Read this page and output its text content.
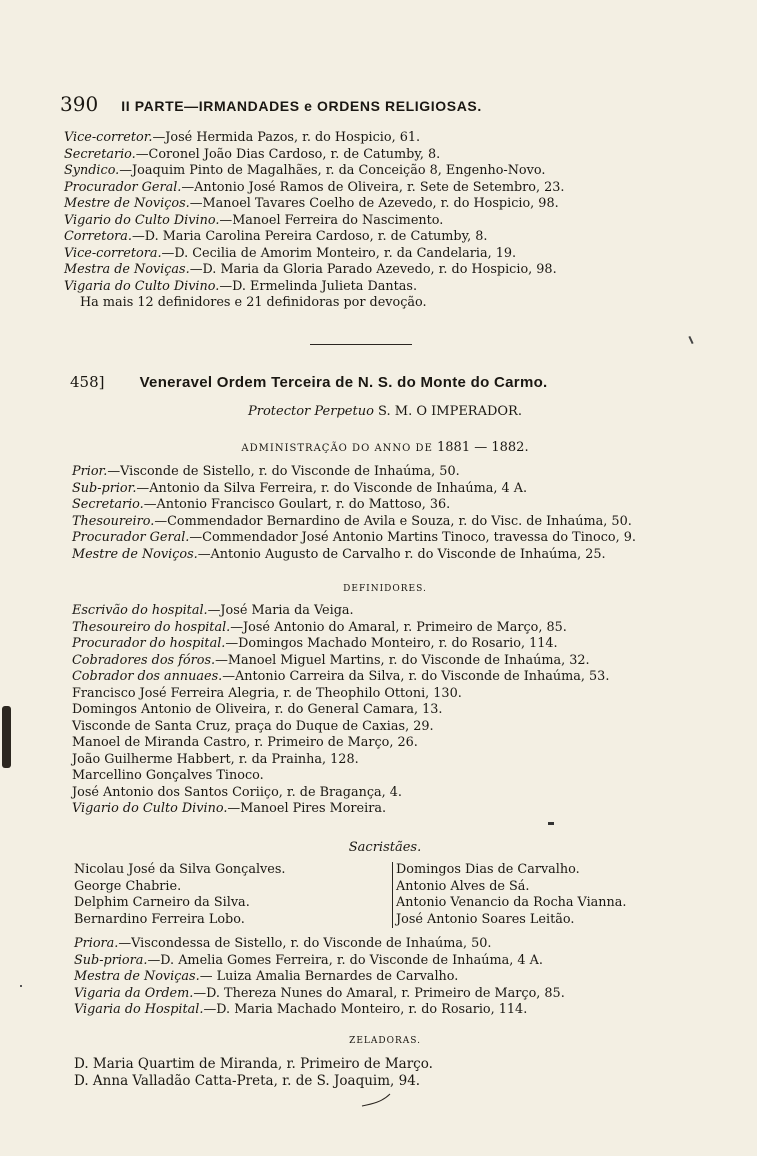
390 II PARTE—IRMANDADES e ORDENS RELIGIOSAS.
Vice-corretor.—José Hermida Pazos, r. do Hospicio, 61.
Secretario.—Coronel João Dias Cardoso, r. de Catumby, 8.
Syndico.—Joaquim Pinto de Magalhães, r. da Conceição 8, Engenho-Novo.
Procurador Geral.—Antonio José Ramos de Oliveira, r. Sete de Setembro, 23.
Mestre de Noviços.—Manoel Tavares Coelho de Azevedo, r. do Hospicio, 98.
Vigario do Culto Divino.—Manoel Ferreira do Nascimento.
Corretora.—D. Maria Carolina Pereira Cardoso, r. de Catumby, 8.
Vice-corretora.—D. Cecilia de Amorim Monteiro, r. da Candelaria, 19.
Mestra de Noviças.—D. Maria da Gloria Parado Azevedo, r. do Hospicio, 98.
Vigaria do Culto Divino.—D. Ermelinda Julieta Dantas.
Ha mais 12 definidores e 21 definidoras por devoção.
458] Veneravel Ordem Terceira de N. S. do Monte do Carmo.
Protector Perpetuo S. M. O IMPERADOR.
ADMINISTRAÇÃO DO ANNO DE 1881 — 1882.
Prior.—Visconde de Sistello, r. do Visconde de Inhaúma, 50.
Sub-prior.—Antonio da Silva Ferreira, r. do Visconde de Inhaúma, 4 A.
Secretario.—Antonio Francisco Goulart, r. do Mattoso, 36.
Thesoureiro.—Commendador Bernardino de Avila e Souza, r. do Visc. de Inhaúma, 50.
Procurador Geral.—Commendador José Antonio Martins Tinoco, travessa do Tinoco, 9.
Mestre de Noviços.—Antonio Augusto de Carvalho r. do Visconde de Inhaúma, 25.
DEFINIDORES.
Escrivão do hospital.—José Maria da Veiga.
Thesoureiro do hospital.—José Antonio do Amaral, r. Primeiro de Março, 85.
Procurador do hospital.—Domingos Machado Monteiro, r. do Rosario, 114.
Cobradores dos fóros.—Manoel Miguel Martins, r. do Visconde de Inhaúma, 32.
Cobrador dos annuaes.—Antonio Carreira da Silva, r. do Visconde de Inhaúma, 53.
Francisco José Ferreira Alegria, r. de Theophilo Ottoni, 130.
Domingos Antonio de Oliveira, r. do General Camara, 13.
Visconde de Santa Cruz, praça do Duque de Caxias, 29.
Manoel de Miranda Castro, r. Primeiro de Março, 26.
João Guilherme Habbert, r. da Prainha, 128.
Marcellino Gonçalves Tinoco.
José Antonio dos Santos Coriiço, r. de Bragança, 4.
Vigario do Culto Divino.—Manoel Pires Moreira.
Sacristães.
Nicolau José da Silva Gonçalves.
George Chabrie.
Delphim Carneiro da Silva.
Bernardino Ferreira Lobo.
Domingos Dias de Carvalho.
Antonio Alves de Sá.
Antonio Venancio da Rocha Vianna.
José Antonio Soares Leitão.
Priora.—Viscondessa de Sistello, r. do Visconde de Inhaúma, 50.
Sub-priora.—D. Amelia Gomes Ferreira, r. do Visconde de Inhaúma, 4 A.
Mestra de Noviças.— Luiza Amalia Bernardes de Carvalho.
Vigaria da Ordem.—D. Thereza Nunes do Amaral, r. Primeiro de Março, 85.
Vigaria do Hospital.—D. Maria Machado Monteiro, r. do Rosario, 114.
ZELADORAS.
D. Maria Quartim de Miranda, r. Primeiro de Março.
D. Anna Valladão Catta-Preta, r. de S. Joaquim, 94.
